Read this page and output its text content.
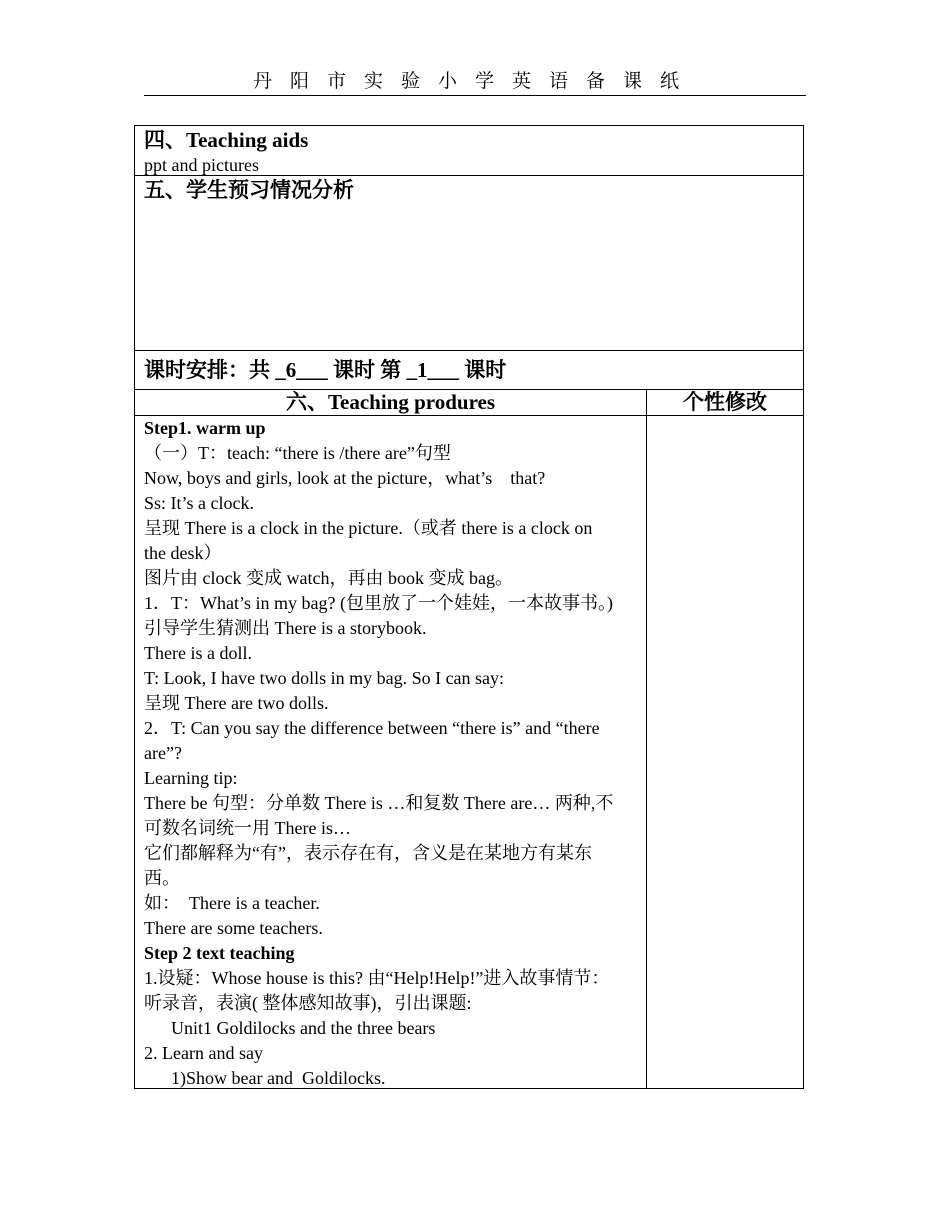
丹阳市实验小学英语备课纸
四、Teaching aids
ppt and pictures
五、学生预习情况分析
课时安排：共 _6___ 课时 第 _1___ 课时
六、Teaching produres	个性修改
Step1. warm up
（一）T：teach: “there is /there are”句型
Now, boys and girls, look at the picture，what’s    that?
Ss: It’s a clock.
呈现 There is a clock in the picture.（或者 there is a clock on
the desk）
图片由 clock 变成 watch，再由 book 变成 bag。
1．T：What’s in my bag? (包里放了一个娃娃，一本故事书。)
引导学生猜测出 There is a storybook.
There is a doll.
T: Look, I have two dolls in my bag. So I can say:
呈现 There are two dolls.
2．T: Can you say the difference between “there is” and “there
are”?
Learning tip:
There be 句型：分单数 There is …和复数 There are… 两种,不
可数名词统一用 There is…
它们都解释为“有”，表示存在有，含义是在某地方有某东
西。
如：  There is a teacher.
There are some teachers.
Step 2 text teaching
1.设疑：Whose house is this? 由“Help!Help!”进入故事情节：
听录音，表演( 整体感知故事)，引出课题:
Unit1 Goldilocks and the three bears
2. Learn and say
1)Show bear and  Goldilocks.
